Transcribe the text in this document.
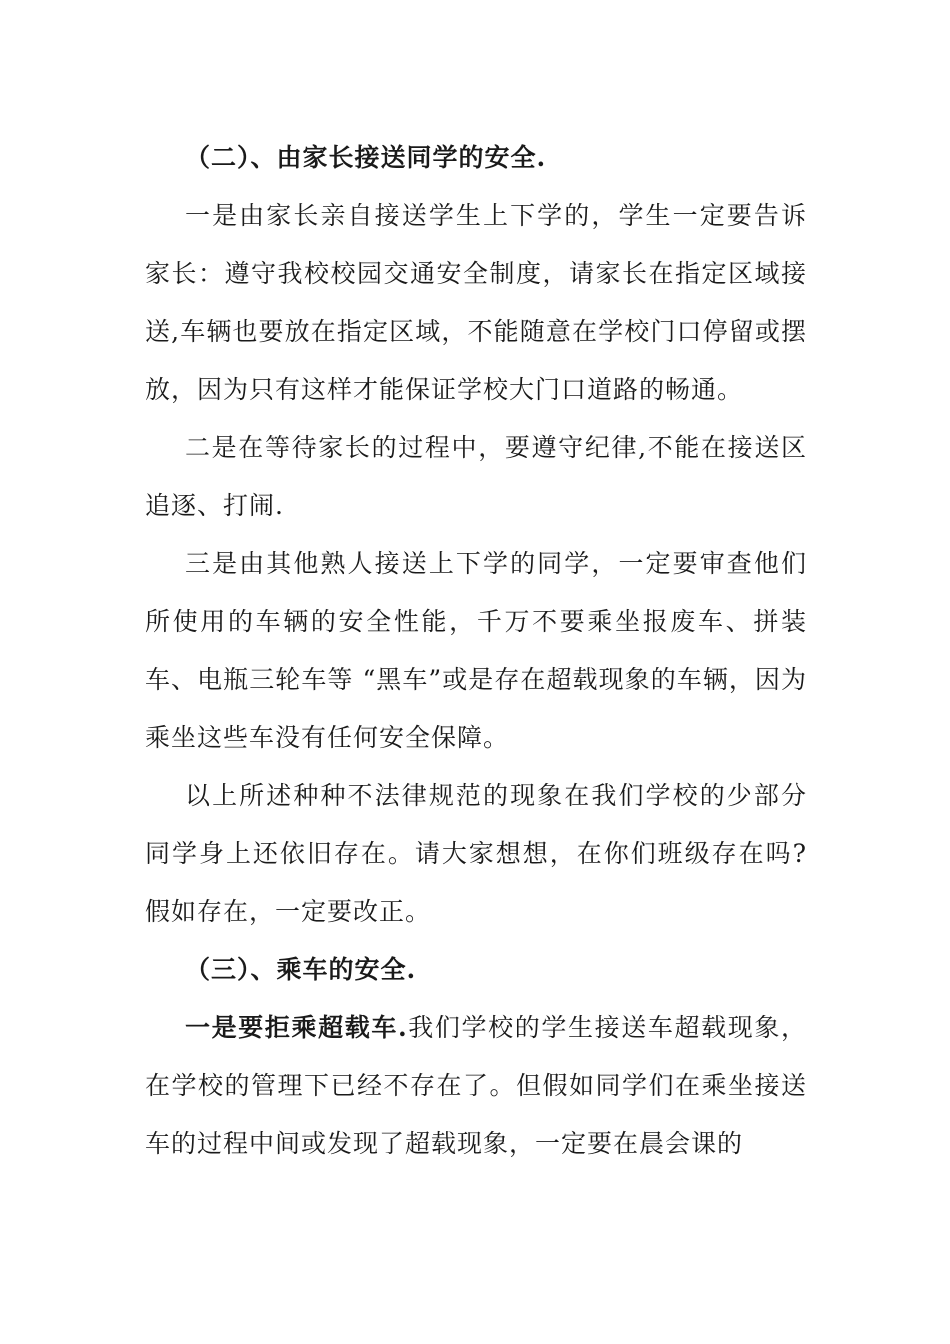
（二）、由家长接送同学的安全.

一是由家长亲自接送学生上下学的，学生一定要告诉家长：遵守我校校园交通安全制度，请家长在指定区域接送,车辆也要放在指定区域，不能随意在学校门口停留或摆放，因为只有这样才能保证学校大门口道路的畅通。

二是在等待家长的过程中，要遵守纪律,不能在接送区追逐、打闹.

三是由其他熟人接送上下学的同学，一定要审查他们所使用的车辆的安全性能，千万不要乘坐报废车、拼装车、电瓶三轮车等 “黑车”或是存在超载现象的车辆，因为乘坐这些车没有任何安全保障。

以上所述种种不法律规范的现象在我们学校的少部分同学身上还依旧存在。请大家想想，在你们班级存在吗?假如存在，一定要改正。

（三）、乘车的安全.

一是要拒乘超载车.我们学校的学生接送车超载现象，在学校的管理下已经不存在了。但假如同学们在乘坐接送车的过程中间或发现了超载现象，一定要在晨会课的
